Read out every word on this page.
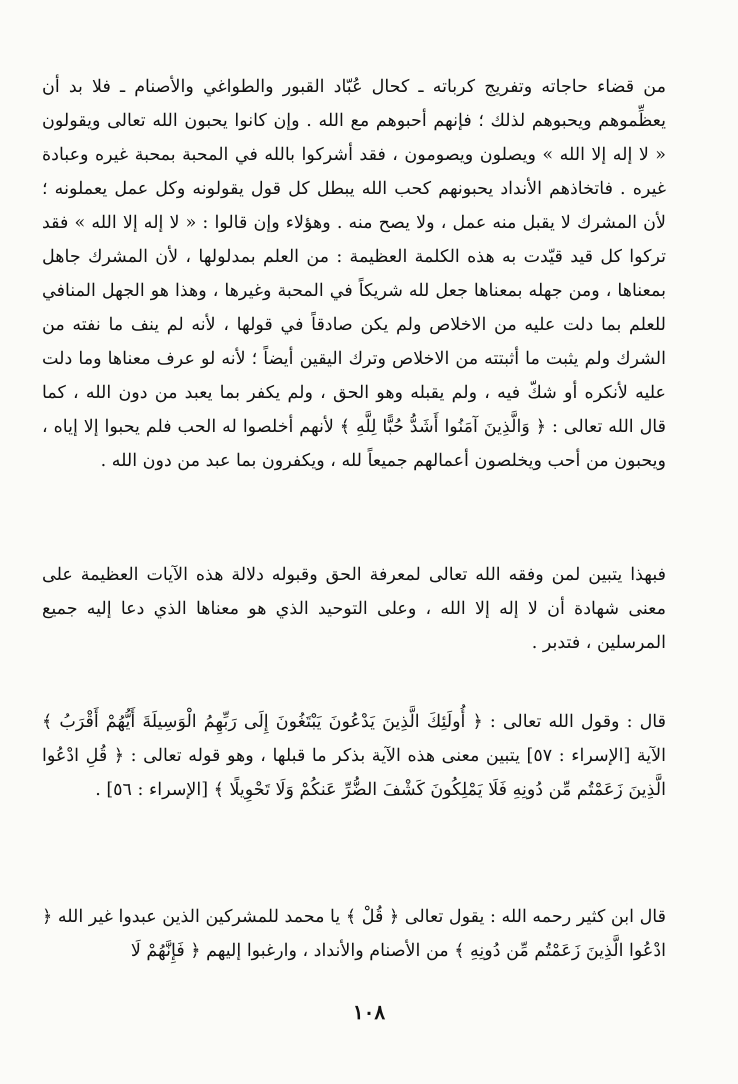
من قضاء حاجاته وتفريج كرباته ـ كحال عُبّاد القبور والطواغي والأصنام ـ فلا بد أن يعظِّموهم ويحبوهم لذلك ؛ فإنهم أحبوهم مع الله . وإن كانوا يحبون الله تعالى ويقولون « لا إله إلا الله » ويصلون ويصومون ، فقد أشركوا بالله في المحبة بمحبة غيره وعبادة غيره . فاتخاذهم الأنداد يحبونهم كحب الله يبطل كل قول يقولونه وكل عمل يعملونه ؛ لأن المشرك لا يقبل منه عمل ، ولا يصح منه . وهؤلاء وإن قالوا : « لا إله إلا الله » فقد تركوا كل قيد قيّدت به هذه الكلمة العظيمة : من العلم بمدلولها ، لأن المشرك جاهل بمعناها ، ومن جهله بمعناها جعل لله شريكاً في المحبة وغيرها ، وهذا هو الجهل المنافي للعلم بما دلت عليه من الاخلاص ولم يكن صادقاً في قولها ، لأنه لم ينف ما نفته من الشرك ولم يثبت ما أثبتته من الاخلاص وترك اليقين أيضاً ؛ لأنه لو عرف معناها وما دلت عليه لأنكره أو شكّ فيه ، ولم يقبله وهو الحق ، ولم يكفر بما يعبد من دون الله ، كما قال الله تعالى : ﴿ وَالَّذِينَ آمَنُوا أَشَدُّ حُبًّا لِلَّهِ ﴾ لأنهم أخلصوا له الحب فلم يحبوا إلا إياه ، ويحبون من أحب ويخلصون أعمالهم جميعاً لله ، ويكفرون بما عبد من دون الله .

فبهذا يتبين لمن وفقه الله تعالى لمعرفة الحق وقبوله دلالة هذه الآيات العظيمة على معنى شهادة أن لا إله إلا الله ، وعلى التوحيد الذي هو معناها الذي دعا إليه جميع المرسلين ، فتدبر .

قال : وقول الله تعالى : ﴿ أُولَئِكَ الَّذِينَ يَدْعُونَ يَبْتَغُونَ إِلَى رَبِّهِمُ الْوَسِيلَةَ أَيُّهُمْ أَقْرَبُ ﴾ الآية [الإسراء : ٥٧] يتبين معنى هذه الآية بذكر ما قبلها ، وهو قوله تعالى : ﴿ قُلِ ادْعُوا الَّذِينَ زَعَمْتُم مِّن دُونِهِ فَلَا يَمْلِكُونَ كَشْفَ الضُّرِّ عَنكُمْ وَلَا تَحْوِيلًا ﴾ [الإسراء : ٥٦] .

قال ابن كثير رحمه الله : يقول تعالى ﴿ قُلْ ﴾ يا محمد للمشركين الذين عبدوا غير الله ﴿ ادْعُوا الَّذِينَ زَعَمْتُم مِّن دُونِهِ ﴾ من الأصنام والأنداد ، وارغبوا إليهم ﴿ فَإِنَّهُمْ لَا

١٠٨
